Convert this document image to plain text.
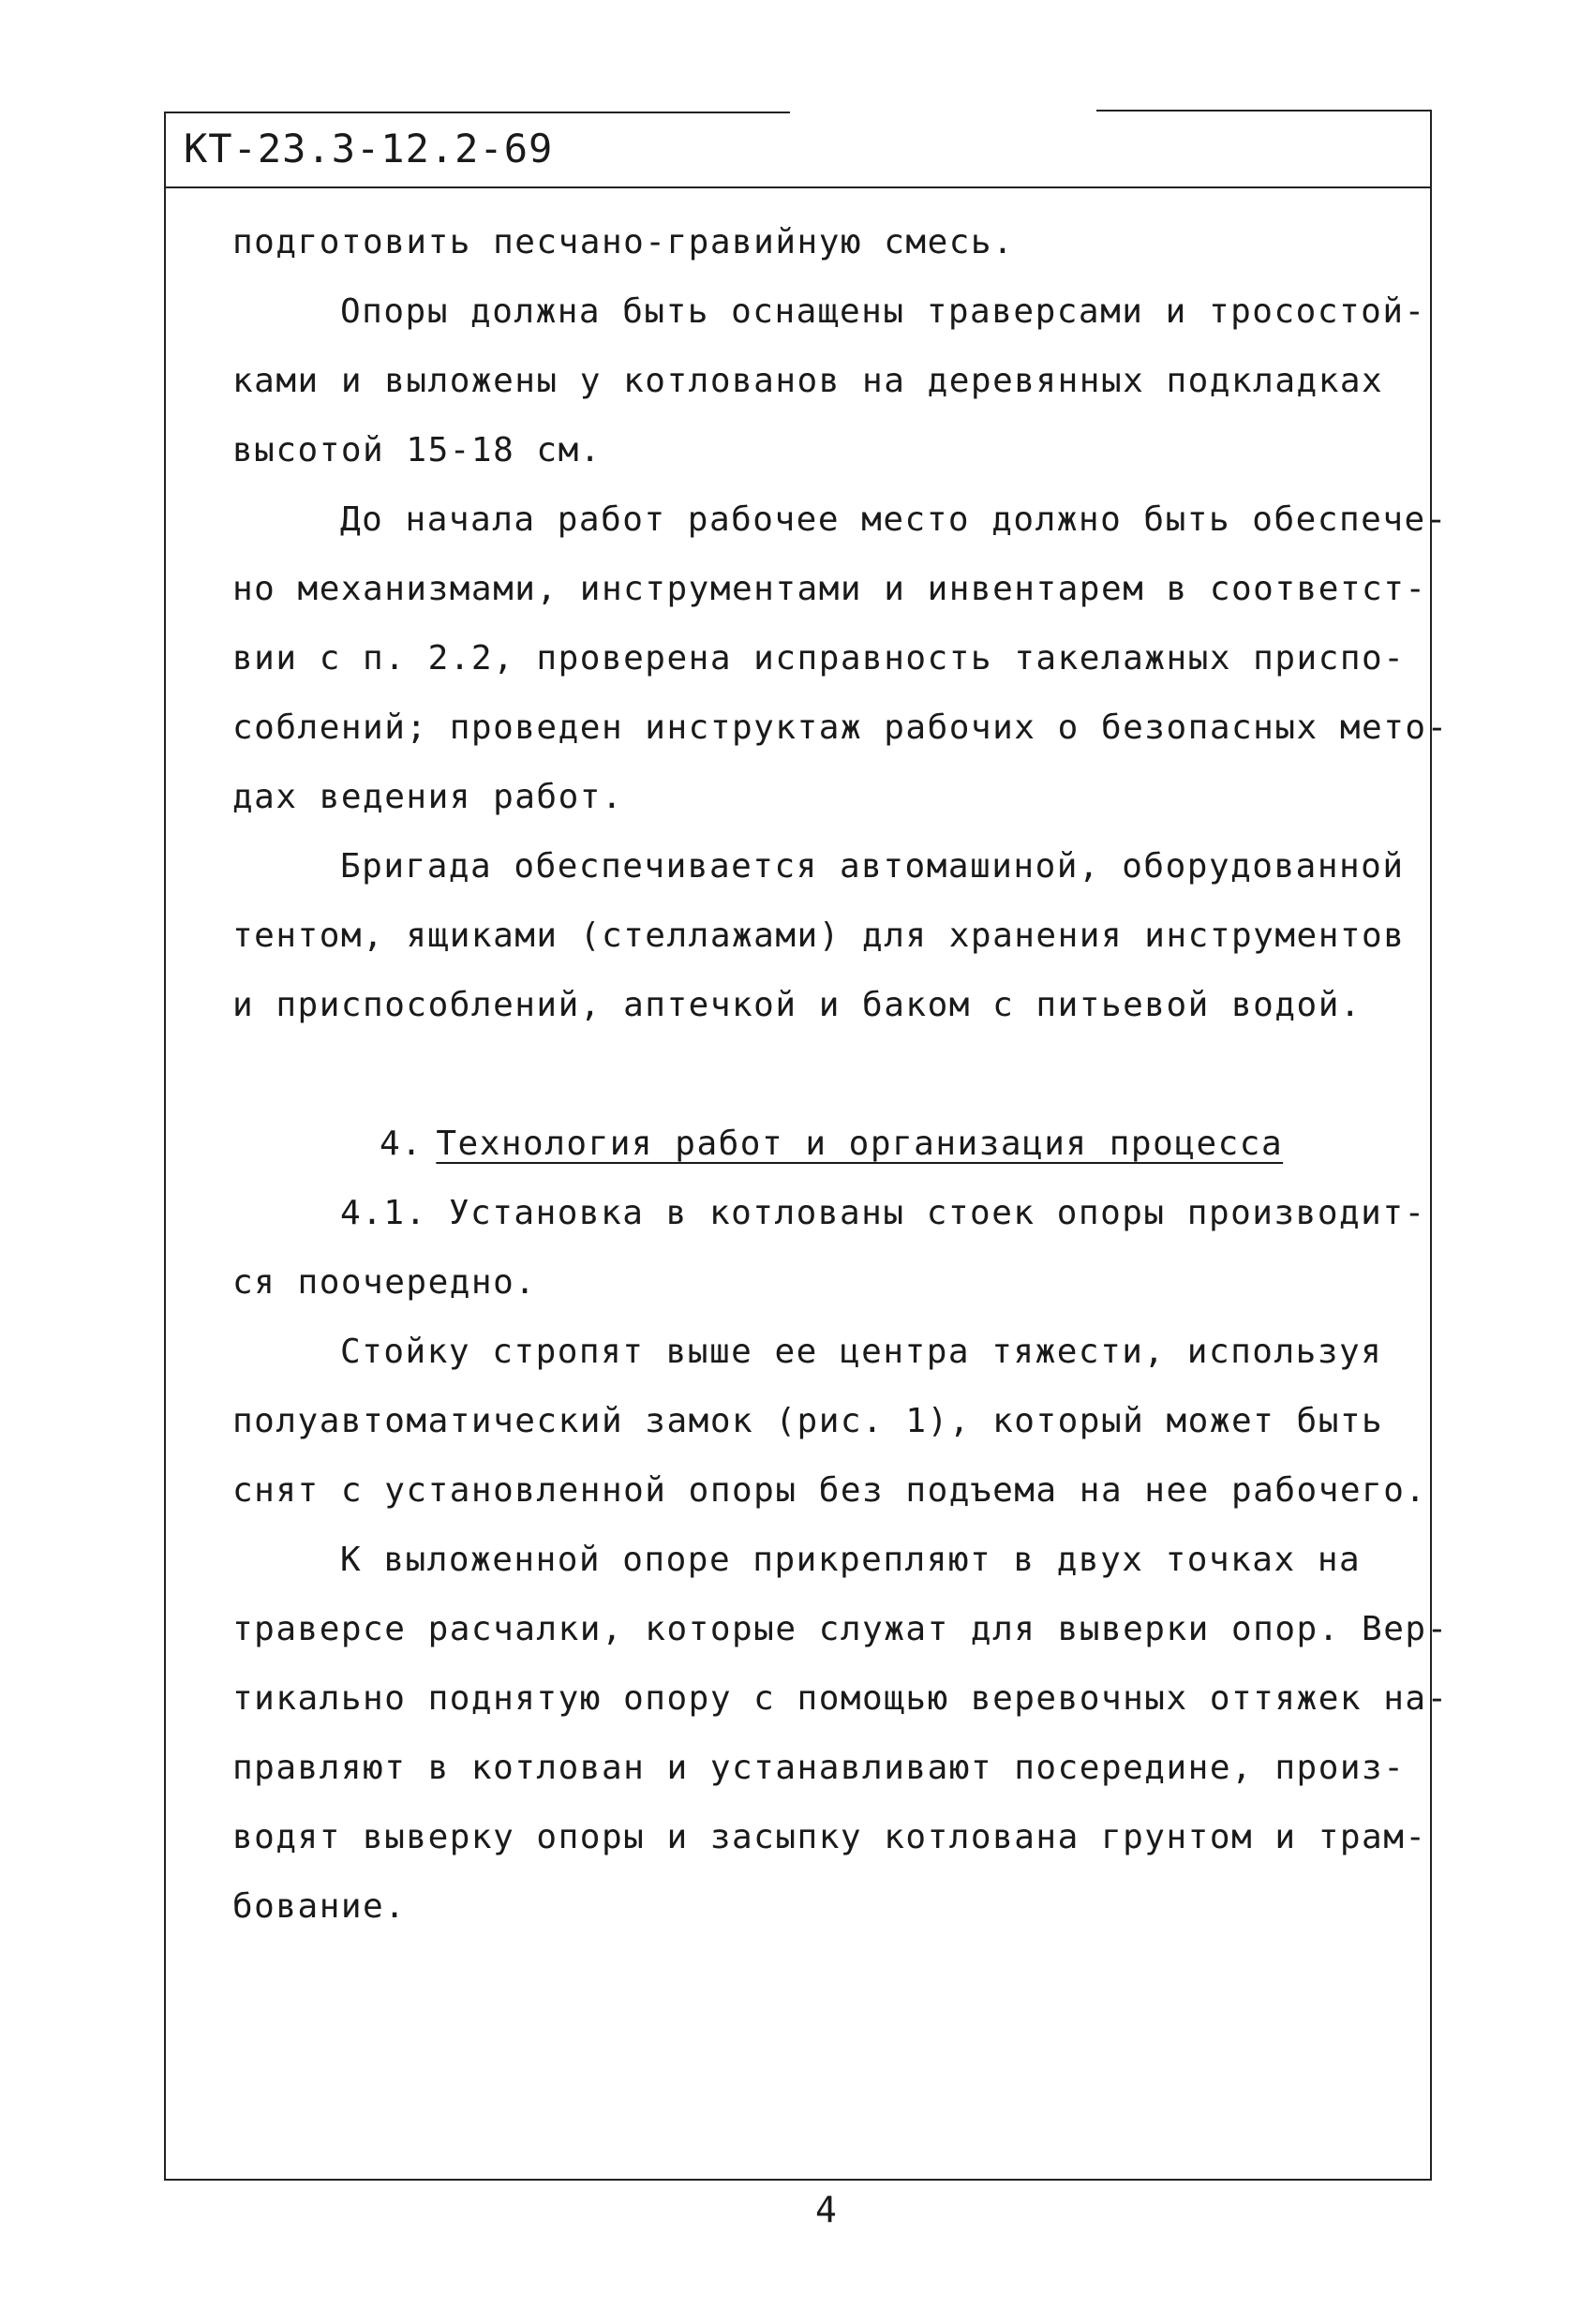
КТ-23.3-12.2-69
подготовить песчано-гравийную смесь.
Опоры должна быть оснащены траверсами и тросостой-
ками и выложены у котлованов на деревянных подкладках
высотой 15-18 см.
До начала работ рабочее место должно быть обеспече-
но механизмами, инструментами и инвентарем в соответст-
вии с п. 2.2, проверена исправность такелажных приспо-
соблений; проведен инструктаж рабочих о безопасных мето-
дах ведения работ.
Бригада обеспечивается автомашиной, оборудованной
тентом, ящиками (стеллажами) для хранения инструментов
и приспособлений, аптечкой и баком с питьевой водой.
4. Технология работ и организация процесса
4.1. Установка в котлованы стоек опоры производит-
ся поочередно.
Стойку стропят выше ее центра тяжести, используя
полуавтоматический замок (рис. 1), который может быть
снят с установленной опоры без подъема на нее рабочего.
К выложенной опоре прикрепляют в двух точках на
траверсе расчалки, которые служат для выверки опор. Вер-
тикально поднятую опору с помощью веревочных оттяжек на-
правляют в котлован и устанавливают посередине, произ-
водят выверку опоры и засыпку котлована грунтом и трам-
бование.
4
